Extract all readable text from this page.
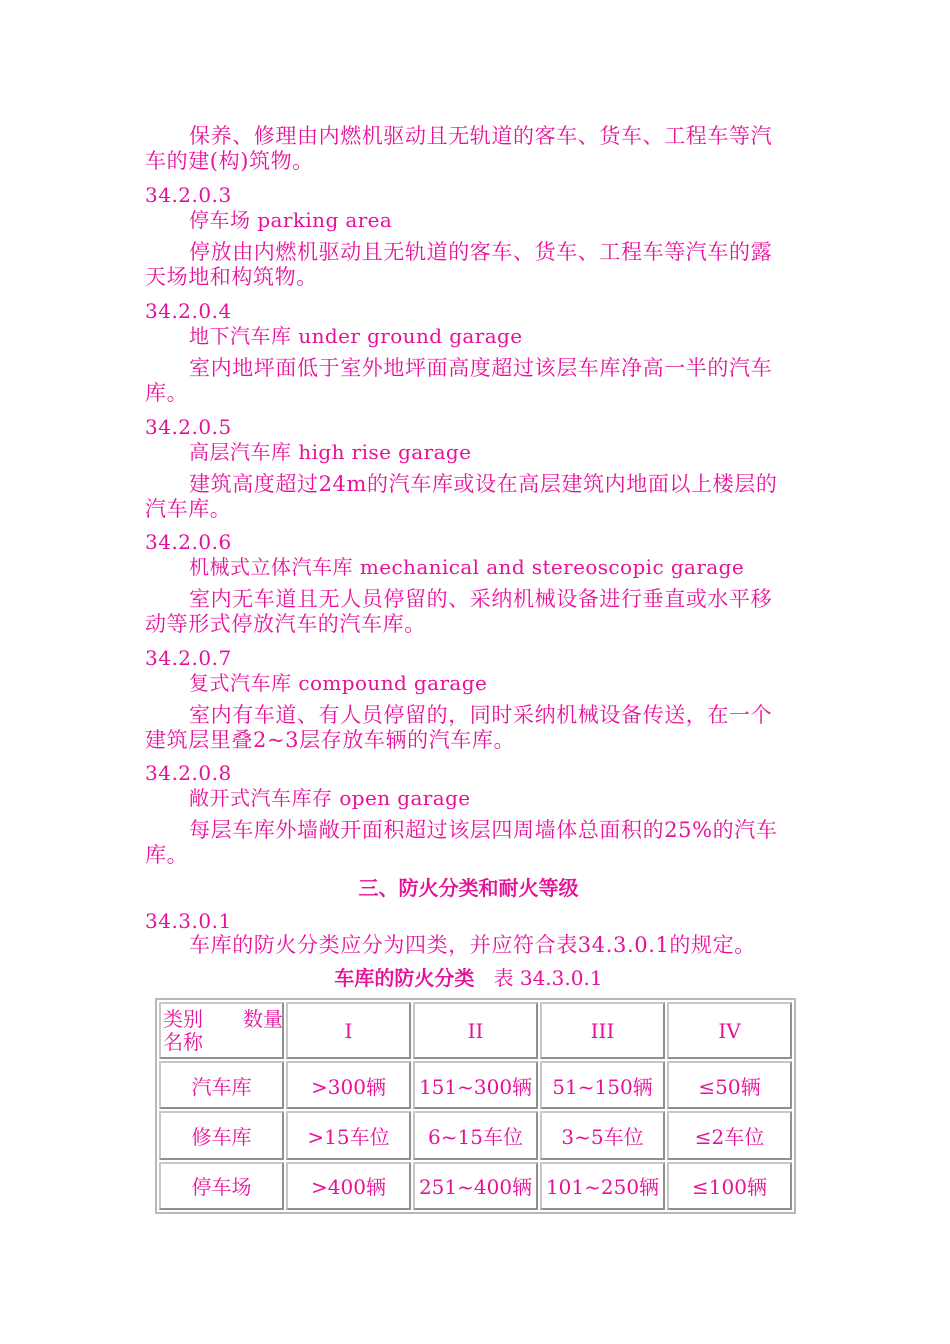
保养、修理由内燃机驱动且无轨道的客车、货车、工程车等汽车的建(构)筑物。

34.2.0.3

停车场 parking area

停放由内燃机驱动且无轨道的客车、货车、工程车等汽车的露天场地和构筑物。

34.2.0.4

地下汽车库 under ground garage

室内地坪面低于室外地坪面高度超过该层车库净高一半的汽车库。

34.2.0.5

高层汽车库 high rise garage

建筑高度超过24m的汽车库或设在高层建筑内地面以上楼层的汽车库。

34.2.0.6

机械式立体汽车库 mechanical and stereoscopic garage

室内无车道且无人员停留的、采纳机械设备进行垂直或水平移动等形式停放汽车的汽车库。

34.2.0.7

复式汽车库 compound garage

室内有车道、有人员停留的，同时采纳机械设备传送，在一个建筑层里叠2~3层存放车辆的汽车库。

34.2.0.8

敞开式汽车库存 open garage

每层车库外墙敞开面积超过该层四周墙体总面积的25%的汽车库。

三、防火分类和耐火等级

34.3.0.1

车库的防火分类应分为四类，并应符合表34.3.0.1的规定。

车库的防火分类 表 34.3.0.1

类别 数量
名称	I	II	III	IV
汽车库	>300辆	151~300辆	51~150辆	≤50辆
修车库	>15车位	6~15车位	3~5车位	≤2车位
停车场	>400辆	251~400辆	101~250辆	≤100辆
